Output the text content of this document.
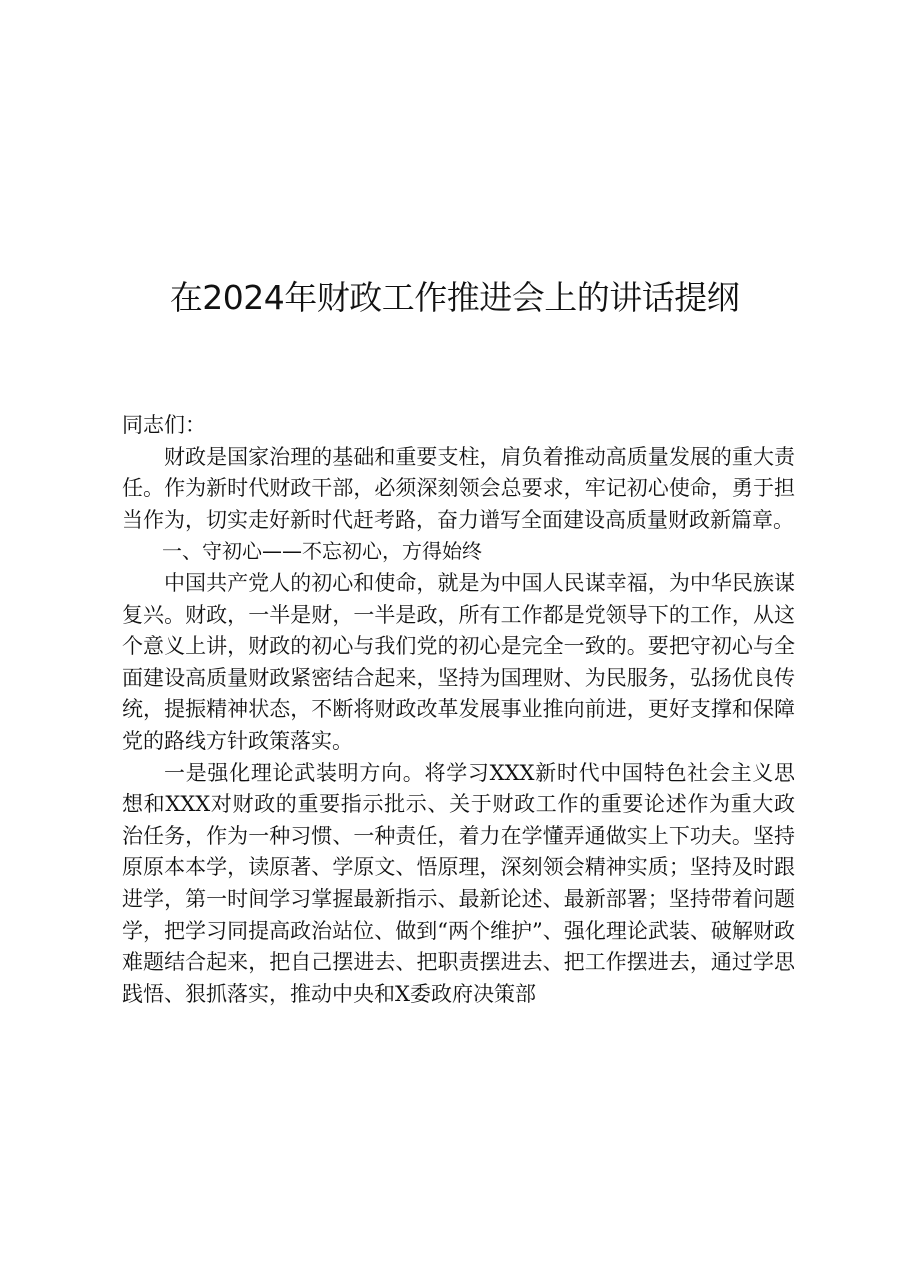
在2024年财政工作推进会上的讲话提纲

同志们：

财政是国家治理的基础和重要支柱，肩负着推动高质量发展的重大责任。作为新时代财政干部，必须深刻领会总要求，牢记初心使命，勇于担当作为，切实走好新时代赶考路，奋力谱写全面建设高质量财政新篇章。

一、守初心——不忘初心，方得始终

中国共产党人的初心和使命，就是为中国人民谋幸福，为中华民族谋复兴。财政，一半是财，一半是政，所有工作都是党领导下的工作，从这个意义上讲，财政的初心与我们党的初心是完全一致的。要把守初心与全面建设高质量财政紧密结合起来，坚持为国理财、为民服务，弘扬优良传统，提振精神状态，不断将财政改革发展事业推向前进，更好支撑和保障党的路线方针政策落实。

一是强化理论武装明方向。将学习XXX新时代中国特色社会主义思想和XXX对财政的重要指示批示、关于财政工作的重要论述作为重大政治任务，作为一种习惯、一种责任，着力在学懂弄通做实上下功夫。坚持原原本本学，读原著、学原文、悟原理，深刻领会精神实质；坚持及时跟进学，第一时间学习掌握最新指示、最新论述、最新部署；坚持带着问题学，把学习同提高政治站位、做到“两个维护”、强化理论武装、破解财政难题结合起来，把自己摆进去、把职责摆进去、把工作摆进去，通过学思践悟、狠抓落实，推动中央和X委政府决策部
